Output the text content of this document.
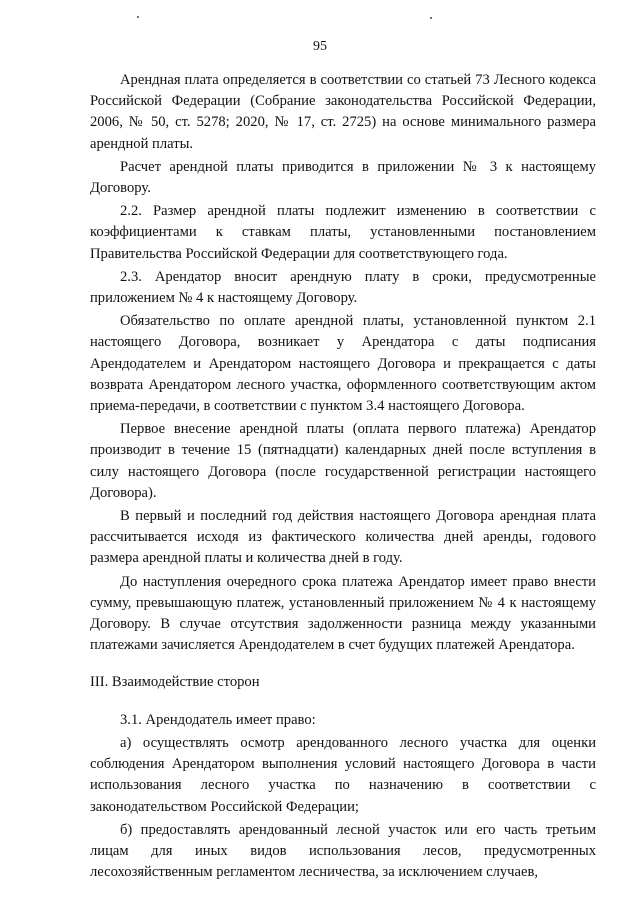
95

Арендная плата определяется в соответствии со статьей 73 Лесного кодекса Российской Федерации (Собрание законодательства Российской Федерации, 2006, № 50, ст. 5278; 2020, № 17, ст. 2725) на основе минимального размера арендной платы.

Расчет арендной платы приводится в приложении № 3 к настоящему Договору.

2.2. Размер арендной платы подлежит изменению в соответствии с коэффициентами к ставкам платы, установленными постановлением Правительства Российской Федерации для соответствующего года.

2.3. Арендатор вносит арендную плату в сроки, предусмотренные приложением № 4 к настоящему Договору.

Обязательство по оплате арендной платы, установленной пунктом 2.1 настоящего Договора, возникает у Арендатора с даты подписания Арендодателем и Арендатором настоящего Договора и прекращается с даты возврата Арендатором лесного участка, оформленного соответствующим актом приема-передачи, в соответствии с пунктом 3.4 настоящего Договора.

Первое внесение арендной платы (оплата первого платежа) Арендатор производит в течение 15 (пятнадцати) календарных дней после вступления в силу настоящего Договора (после государственной регистрации настоящего Договора).

В первый и последний год действия настоящего Договора арендная плата рассчитывается исходя из фактического количества дней аренды, годового размера арендной платы и количества дней в году.

До наступления очередного срока платежа Арендатор имеет право внести сумму, превышающую платеж, установленный приложением № 4 к настоящему Договору. В случае отсутствия задолженности разница между указанными платежами зачисляется Арендодателем в счет будущих платежей Арендатора.

III. Взаимодействие сторон

3.1. Арендодатель имеет право:

а) осуществлять осмотр арендованного лесного участка для оценки соблюдения Арендатором выполнения условий настоящего Договора в части использования лесного участка по назначению в соответствии с законодательством Российской Федерации;

б) предоставлять арендованный лесной участок или его часть третьим лицам для иных видов использования лесов, предусмотренных лесохозяйственным регламентом лесничества, за исключением случаев,
